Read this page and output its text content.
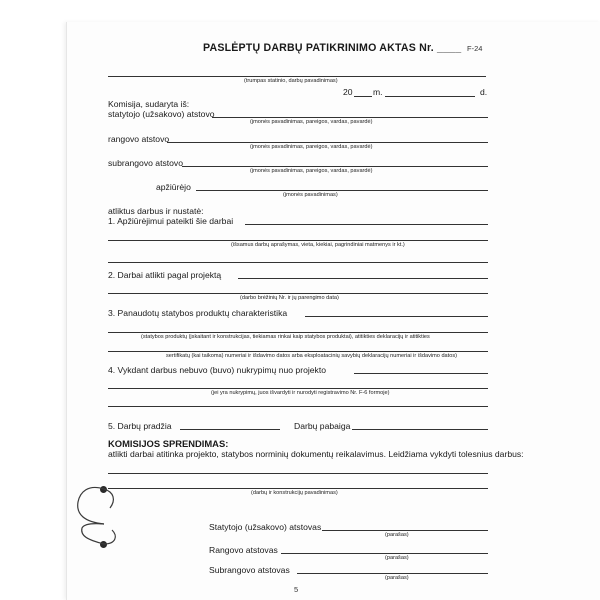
PASLĖPTŲ DARBŲ PATIKRINIMO AKTAS Nr. ____ F-24
(trumpas statinio, darbų pavadinimas)
20 m.	d.
Komisija, sudaryta iš:
statytojo (užsakovo) atstovo
(įmonės pavadinimas, pareigos, vardas, pavardė)
rangovo atstovo
(įmonės pavadinimas, pareigos, vardas, pavardė)
subrangovo atstovo
(įmonės pavadinimas, pareigos, vardas, pavardė)
apžiūrėjo
(įmonės pavadinimas)
atliktus darbus ir nustatė:
1. Apžiūrėjimui pateikti šie darbai
(išsamus darbų aprašymas, vieta, kiekiai, pagrindiniai matmenys ir kt.)
2. Darbai atlikti pagal projektą
(darbo brėžinių Nr. ir jų parengimo data)
3. Panaudotų statybos produktų charakteristika
(statybos produktų (įskaitant ir konstrukcijas, tiekiamas rinkai kaip statybos produktai), atitikties deklaracijų ir atitikties
sertifikatų (kai taikoma) numeriai ir išdavimo datos arba eksploatacinių savybių deklaracijų numeriai ir išdavimo datos)
4. Vykdant darbus nebuvo (buvo) nukrypimų nuo projekto
(jei yra nukrypimų, juos išvardyti ir nurodyti registravimo Nr. F-6 formoje)
5. Darbų pradžia	Darbų pabaiga
KOMISIJOS SPRENDIMAS:
atlikti darbai atitinka projekto, statybos norminių dokumentų reikalavimus. Leidžiama vykdyti tolesnius darbus:
(darbų ir konstrukcijų pavadinimas)
Statytojo (užsakovo) atstovas
(parašas)
Rangovo atstovas
(parašas)
Subrangovo atstovas
(parašas)
5
